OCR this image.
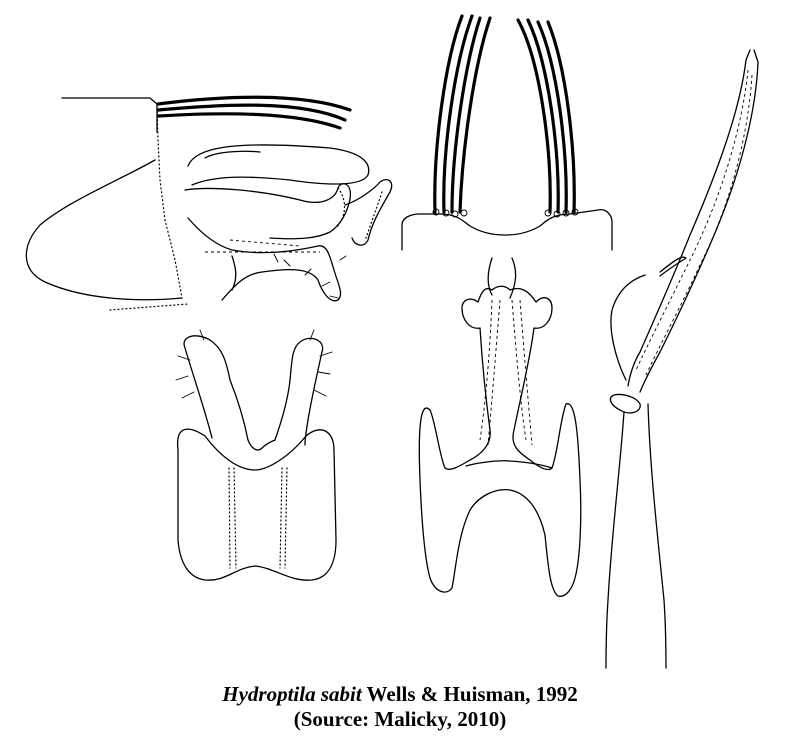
Hydroptila sabit Wells & Huisman, 1992
(Source: Malicky, 2010)
